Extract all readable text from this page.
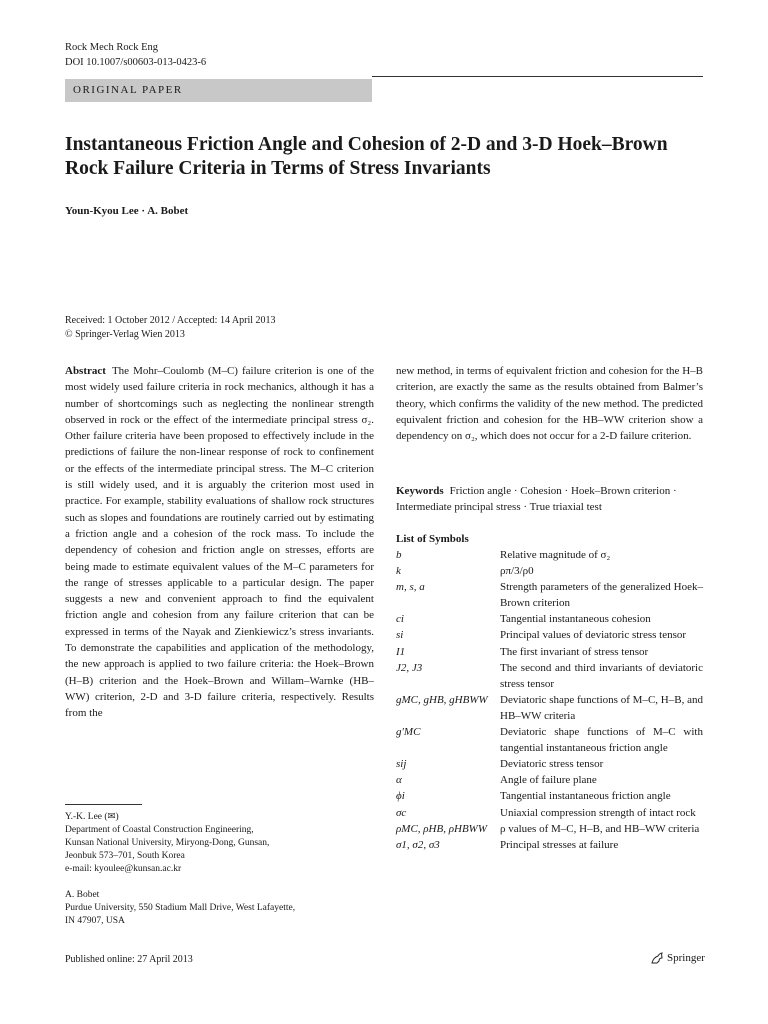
Rock Mech Rock Eng
DOI 10.1007/s00603-013-0423-6
ORIGINAL PAPER
Instantaneous Friction Angle and Cohesion of 2-D and 3-D Hoek–Brown Rock Failure Criteria in Terms of Stress Invariants
Youn-Kyou Lee · A. Bobet
Received: 1 October 2012 / Accepted: 14 April 2013
© Springer-Verlag Wien 2013
Abstract The Mohr–Coulomb (M–C) failure criterion is one of the most widely used failure criteria in rock mechanics, although it has a number of shortcomings such as neglecting the nonlinear strength observed in rock or the effect of the intermediate principal stress σ₂. Other failure criteria have been proposed to effectively include in the predictions of failure the non-linear response of rock to confinement or the effects of the intermediate principal stress. The M–C criterion is still widely used, and it is arguably the criterion most used in practice. For example, stability evaluations of shallow rock structures such as slopes and foundations are routinely carried out by estimating a friction angle and a cohesion of the rock mass. To include the dependency of cohesion and friction angle on stresses, efforts are being made to estimate equivalent values of the M–C parameters for the range of stresses applicable to a particular design. The paper suggests a new and convenient approach to find the equivalent friction angle and cohesion from any failure criterion that can be expressed in terms of the Nayak and Zienkiewicz’s stress invariants. To demonstrate the capabilities and application of the methodology, the new approach is applied to two failure criteria: the Hoek–Brown (H–B) criterion and the Hoek–Brown and Willam–Warnke (HB–WW) criterion, 2-D and 3-D failure criteria, respectively. Results from the
new method, in terms of equivalent friction and cohesion for the H–B criterion, are exactly the same as the results obtained from Balmer’s theory, which confirms the validity of the new method. The predicted equivalent friction and cohesion for the HB–WW criterion show a dependency on σ₂, which does not occur for a 2-D failure criterion.
Keywords Friction angle · Cohesion · Hoek–Brown criterion · Intermediate principal stress · True triaxial test
List of Symbols
b	Relative magnitude of σ₂
k	ρπ/3/ρ0
m, s, a	Strength parameters of the generalized Hoek–Brown criterion
ci	Tangential instantaneous cohesion
si	Principal values of deviatoric stress tensor
I1	The first invariant of stress tensor
J2, J3	The second and third invariants of deviatoric stress tensor
gMC, gHB, gHBWW	Deviatoric shape functions of M–C, H–B, and HB–WW criteria
g′MC	Deviatoric shape functions of M–C with tangential instantaneous friction angle
sij	Deviatoric stress tensor
α	Angle of failure plane
ϕi	Tangential instantaneous friction angle
σc	Uniaxial compression strength of intact rock
ρMC, ρHB, ρHBWW	ρ values of M–C, H–B, and HB–WW criteria
σ1, σ2, σ3	Principal stresses at failure
Y.-K. Lee (✉)
Department of Coastal Construction Engineering,
Kunsan National University, Miryong-Dong, Gunsan,
Jeonbuk 573–701, South Korea
e-mail: kyoulee@kunsan.ac.kr
A. Bobet
Purdue University, 550 Stadium Mall Drive, West Lafayette,
IN 47907, USA
Published online: 27 April 2013	Springer
